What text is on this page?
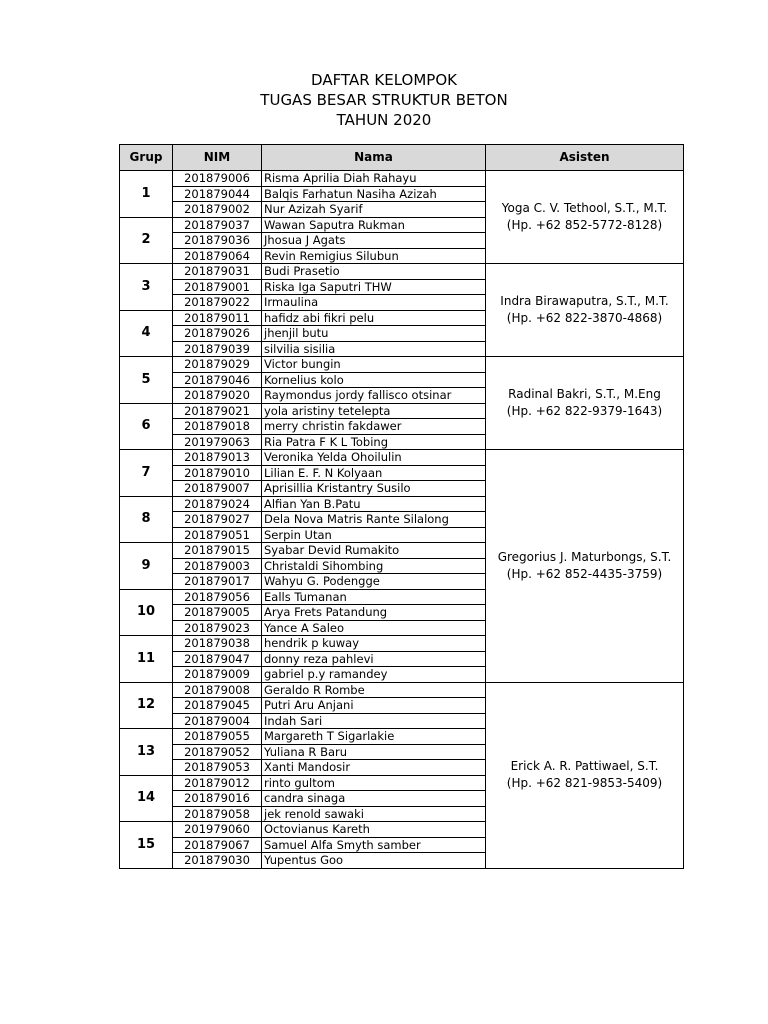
DAFTAR KELOMPOK
TUGAS BESAR STRUKTUR BETON
TAHUN 2020
Grup	NIM	Nama	Asisten
1	201879006	Risma Aprilia Diah Rahayu	Yoga C. V. Tethool, S.T., M.T.
(Hp. +62 852-5772-8128)

	201879044	Balqis Farhatun Nasiha Azizah	
	201879002	Nur Azizah Syarif	
2	201879037	Wawan Saputra Rukman	
	201879036	Jhosua J Agats	
	201879064	Revin Remigius Silubun	
3	201879031	Budi Prasetio	Indra Birawaputra, S.T., M.T.
(Hp. +62 822-3870-4868)

	201879001	Riska Iga Saputri THW	
	201879022	Irmaulina	
4	201879011	hafidz abi fikri pelu	
	201879026	jhenjil butu	
	201879039	silvilia sisilia	
5	201879029	Victor bungin	Radinal Bakri, S.T., M.Eng
(Hp. +62 822-9379-1643)

	201879046	Kornelius kolo	
	201879020	Raymondus jordy fallisco otsinar	
6	201879021	yola aristiny tetelepta	
	201879018	merry christin fakdawer	
	201979063	Ria Patra F K L Tobing	
7	201879013	Veronika Yelda Ohoilulin	Gregorius J. Maturbongs, S.T.
(Hp. +62 852-4435-3759)

	201879010	Lilian E. F. N Kolyaan	
	201879007	Aprisillia Kristantry Susilo	
8	201879024	Alfian Yan B.Patu	
	201879027	Dela Nova Matris Rante Silalong	
	201879051	Serpin Utan	
9	201879015	Syabar Devid Rumakito	
	201879003	Christaldi Sihombing	
	201879017	Wahyu G. Podengge	
10	201879056	Ealls Tumanan	
	201879005	Arya Frets Patandung	
	201879023	Yance A Saleo	
11	201879038	hendrik p kuway	
	201879047	donny reza pahlevi	
	201879009	gabriel p.y ramandey	
12	201879008	Geraldo R Rombe	Erick A. R. Pattiwael, S.T.
(Hp. +62 821-9853-5409)

	201879045	Putri Aru Anjani	
	201879004	Indah Sari	
13	201879055	Margareth T Sigarlakie	
	201879052	Yuliana R Baru	
	201879053	Xanti Mandosir	
14	201879012	rinto gultom	
	201879016	candra sinaga	
	201879058	jek renold sawaki	
15	201979060	Octovianus Kareth	
	201879067	Samuel Alfa Smyth samber	
	201879030	Yupentus Goo	
